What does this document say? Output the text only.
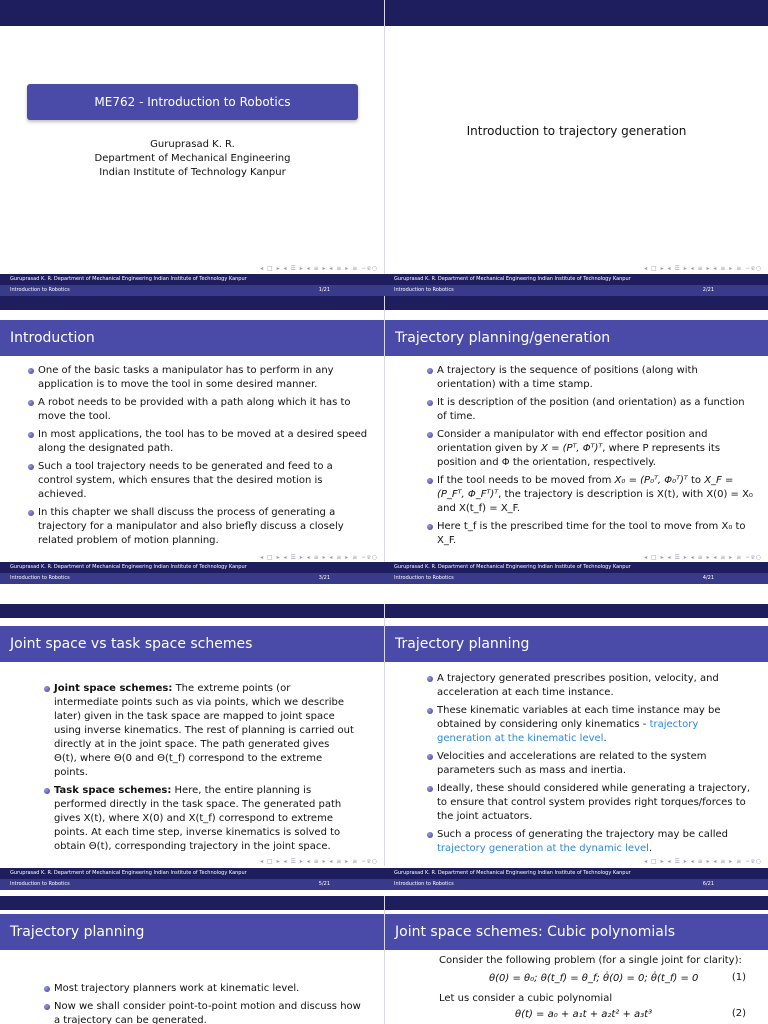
ME762 - Introduction to Robotics
Guruprasad K. R.
Department of Mechanical Engineering
Indian Institute of Technology Kanpur
◂ □ ▸ ◂ ☰ ▸ ◂ ≡ ▸ ◂ ≡ ▸ ≡ ∽ɐ○
Introduction to trajectory generation
◂ □ ▸ ◂ ☰ ▸ ◂ ≡ ▸ ◂ ≡ ▸ ≡ ∽ɐ○
Guruprasad K. R. Department of Mechanical Engineering Indian Institute of Technology Kanpur
Introduction to Robotics	1/21
Guruprasad K. R. Department of Mechanical Engineering Indian Institute of Technology Kanpur
Introduction to Robotics	2/21
Introduction
One of the basic tasks a manipulator has to perform in any application is to move the tool in some desired manner.
A robot needs to be provided with a path along which it has to move the tool.
In most applications, the tool has to be moved at a desired speed along the designated path.
Such a tool trajectory needs to be generated and feed to a control system, which ensures that the desired motion is achieved.
In this chapter we shall discuss the process of generating a trajectory for a manipulator and also briefly discuss a closely related problem of motion planning.
◂ □ ▸ ◂ ☰ ▸ ◂ ≡ ▸ ◂ ≡ ▸ ≡ ∽ɐ○
Trajectory planning/generation
A trajectory is the sequence of positions (along with orientation) with a time stamp.
It is description of the position (and orientation) as a function of time.
Consider a manipulator with end effector position and orientation given by X = (Pᵀ, Φᵀ)ᵀ, where P represents its position and Φ the orientation, respectively.
If the tool needs to be moved from X₀ = (P₀ᵀ, Φ₀ᵀ)ᵀ to X_F = (P_Fᵀ, Φ_Fᵀ)ᵀ, the trajectory is description is X(t), with X(0) = X₀ and X(t_f) = X_F.
Here t_f is the prescribed time for the tool to move from X₀ to X_F.
◂ □ ▸ ◂ ☰ ▸ ◂ ≡ ▸ ◂ ≡ ▸ ≡ ∽ɐ○
Guruprasad K. R. Department of Mechanical Engineering Indian Institute of Technology Kanpur
Introduction to Robotics	3/21
Guruprasad K. R. Department of Mechanical Engineering Indian Institute of Technology Kanpur
Introduction to Robotics	4/21
Joint space vs task space schemes
Joint space schemes: The extreme points (or intermediate points such as via points, which we describe later) given in the task space are mapped to joint space using inverse kinematics. The rest of planning is carried out directly at in the joint space. The path generated gives Θ(t), where Θ(0 and Θ(t_f) correspond to the extreme points.
Task space schemes: Here, the entire planning is performed directly in the task space. The generated path gives X(t), where X(0) and X(t_f) correspond to extreme points. At each time step, inverse kinematics is solved to obtain Θ(t), corresponding trajectory in the joint space.
◂ □ ▸ ◂ ☰ ▸ ◂ ≡ ▸ ◂ ≡ ▸ ≡ ∽ɐ○
Trajectory planning
A trajectory generated prescribes position, velocity, and acceleration at each time instance.
These kinematic variables at each time instance may be obtained by considering only kinematics - trajectory generation at the kinematic level.
Velocities and accelerations are related to the system parameters such as mass and inertia.
Ideally, these should considered while generating a trajectory, to ensure that control system provides right torques/forces to the joint actuators.
Such a process of generating the trajectory may be called trajectory generation at the dynamic level.
◂ □ ▸ ◂ ☰ ▸ ◂ ≡ ▸ ◂ ≡ ▸ ≡ ∽ɐ○
Guruprasad K. R. Department of Mechanical Engineering Indian Institute of Technology Kanpur
Introduction to Robotics	5/21
Guruprasad K. R. Department of Mechanical Engineering Indian Institute of Technology Kanpur
Introduction to Robotics	6/21
Trajectory planning
Most trajectory planners work at kinematic level.
Now we shall consider point-to-point motion and discuss how a trajectory can be generated.
Joint space schemes: Cubic polynomials
Consider the following problem (for a single joint for clarity):
θ(0) = θ₀; θ(t_f) = θ_f; θ̇(0) = 0; θ̇(t_f) = 0	(1)
Let us consider a cubic polynomial
θ(t) = a₀ + a₁t + a₂t² + a₃t³	(2)
